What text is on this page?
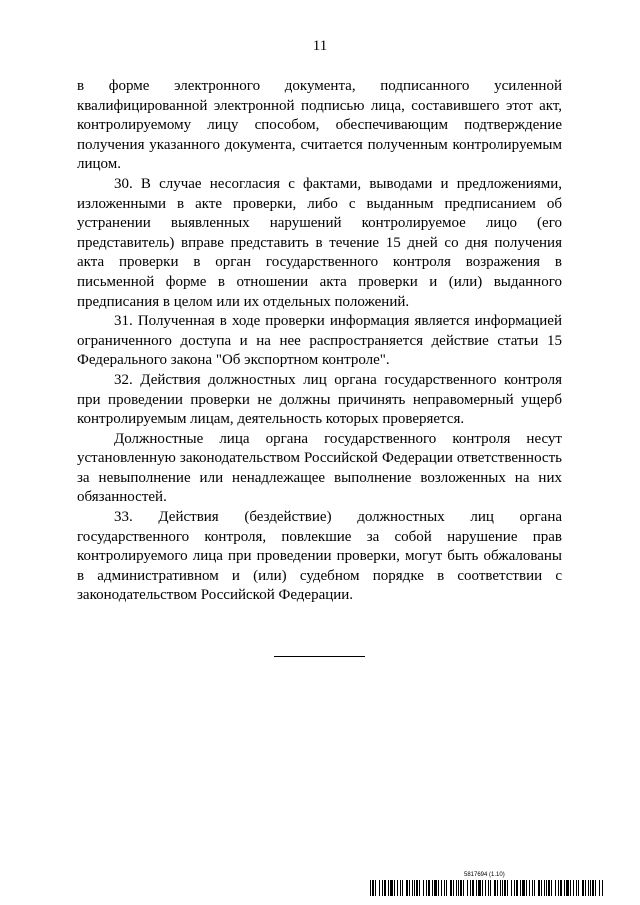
11

в форме электронного документа, подписанного усиленной квалифицированной электронной подписью лица, составившего этот акт, контролируемому лицу способом, обеспечивающим подтверждение получения указанного документа, считается полученным контролируемым лицом.

30. В случае несогласия с фактами, выводами и предложениями, изложенными в акте проверки, либо с выданным предписанием об устранении выявленных нарушений контролируемое лицо (его представитель) вправе представить в течение 15 дней со дня получения акта проверки в орган государственного контроля возражения в письменной форме в отношении акта проверки и (или) выданного предписания в целом или их отдельных положений.

31. Полученная в ходе проверки информация является информацией ограниченного доступа и на нее распространяется действие статьи 15 Федерального закона "Об экспортном контроле".

32. Действия должностных лиц органа государственного контроля при проведении проверки не должны причинять неправомерный ущерб контролируемым лицам, деятельность которых проверяется.

Должностные лица органа государственного контроля несут установленную законодательством Российской Федерации ответственность за невыполнение или ненадлежащее выполнение возложенных на них обязанностей.

33. Действия (бездействие) должностных лиц органа государственного контроля, повлекшие за собой нарушение прав контролируемого лица при проведении проверки, могут быть обжалованы в административном и (или) судебном порядке в соответствии с законодательством Российской Федерации.

5817694 (1.10)
